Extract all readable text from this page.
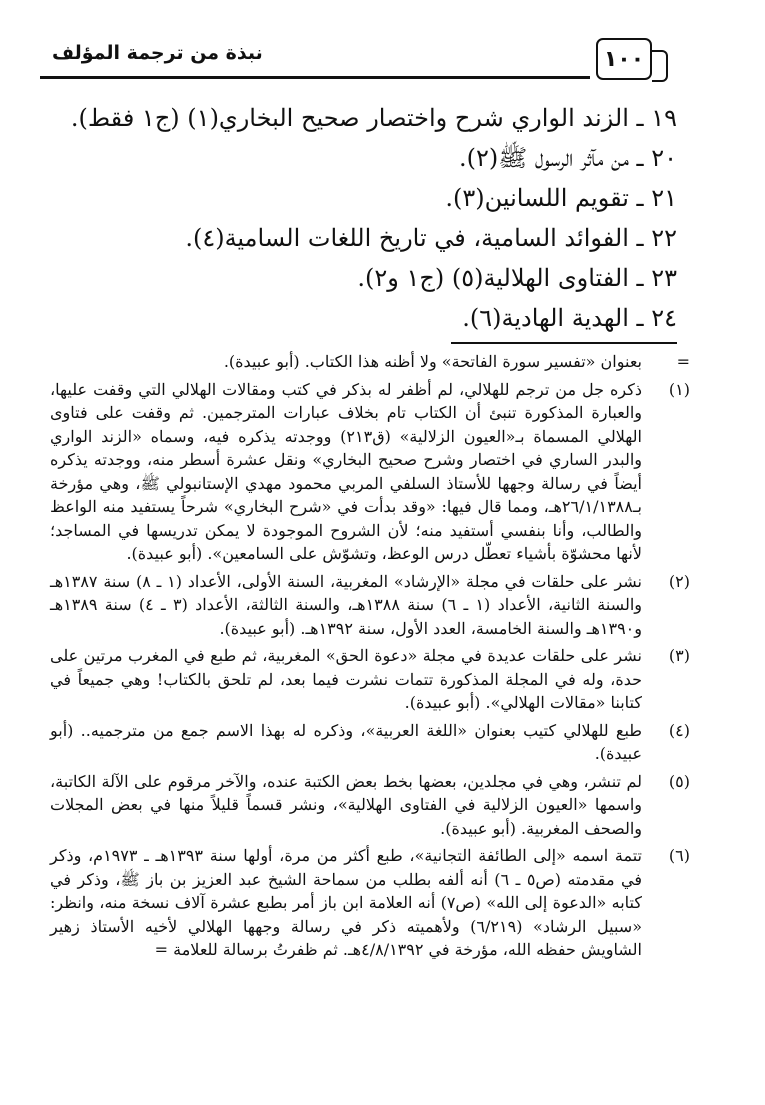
نبذة من ترجمة المؤلف	١٠٠
١٩ ـ الزند الواري شرح واختصار صحيح البخاري(١) (ج١ فقط).
٢٠ ـ من مآثر الرسول ﷺ(٢).
٢١ ـ تقويم اللسانين(٣).
٢٢ ـ الفوائد السامية، في تاريخ اللغات السامية(٤).
٢٣ ـ الفتاوى الهلالية(٥) (ج١ و٢).
٢٤ ـ الهدية الهادية(٦).
=
بعنوان «تفسير سورة الفاتحة» ولا أظنه هذا الكتاب. (أبو عبيدة).
(١)
ذكره جل من ترجم للهلالي، لم أظفر له بذكر في كتب ومقالات الهلالي التي وقفت عليها، والعبارة المذكورة تنبئ أن الكتاب تام بخلاف عبارات المترجمين. ثم وقفت على فتاوى الهلالي المسماة بـ«العيون الزلالية» (ق٢١٣) ووجدته يذكره فيه، وسماه «الزند الواري والبدر الساري في اختصار وشرح صحيح البخاري» ونقل عشرة أسطر منه، ووجدته يذكره أيضاً في رسالة وجهها للأستاذ السلفي المربي محمود مهدي الإستانبولي ﷺ، وهي مؤرخة بـ٢٦/١/١٣٨٨هـ، ومما قال فيها: «وقد بدأت في «شرح البخاري» شرحاً يستفيد منه الواعظ والطالب، وأنا بنفسي أستفيد منه؛ لأن الشروح الموجودة لا يمكن تدريسها في المساجد؛ لأنها محشوّة بأشياء تعطّل درس الوعظ، وتشوّش على السامعين». (أبو عبيدة).
(٢)
نشر على حلقات في مجلة «الإرشاد» المغربية، السنة الأولى، الأعداد (١ ـ ٨) سنة ١٣٨٧هـ والسنة الثانية، الأعداد (١ ـ ٦) سنة ١٣٨٨هـ، والسنة الثالثة، الأعداد (٣ ـ ٤) سنة ١٣٨٩هـ و١٣٩٠هـ والسنة الخامسة، العدد الأول، سنة ١٣٩٢هـ. (أبو عبيدة).
(٣)
نشر على حلقات عديدة في مجلة «دعوة الحق» المغربية، ثم طبع في المغرب مرتين على حدة، وله في المجلة المذكورة تتمات نشرت فيما بعد، لم تلحق بالكتاب! وهي جميعاً في كتابنا «مقالات الهلالي». (أبو عبيدة).
(٤)
طبع للهلالي كتيب بعنوان «اللغة العربية»، وذكره له بهذا الاسم جمع من مترجميه.. (أبو عبيدة).
(٥)
لم تنشر، وهي في مجلدين، بعضها بخط بعض الكتبة عنده، والآخر مرقوم على الآلة الكاتبة، واسمها «العيون الزلالية في الفتاوى الهلالية»، ونشر قسماً قليلاً منها في بعض المجلات والصحف المغربية. (أبو عبيدة).
(٦)
تتمة اسمه «إلى الطائفة التجانية»، طبع أكثر من مرة، أولها سنة ١٣٩٣هـ ـ ١٩٧٣م، وذكر في مقدمته (ص٥ ـ ٦) أنه ألفه بطلب من سماحة الشيخ عبد العزيز بن باز ﷺ، وذكر في كتابه «الدعوة إلى الله» (ص٧) أنه العلامة ابن باز أمر بطبع عشرة آلاف نسخة منه، وانظر: «سبيل الرشاد» (٦/٢١٩) ولأهميته ذكر في رسالة وجهها الهلالي لأخيه الأستاذ زهير الشاويش حفظه الله، مؤرخة في ٤/٨/١٣٩٢هـ. ثم ظفرتُ برسالة للعلامة =
